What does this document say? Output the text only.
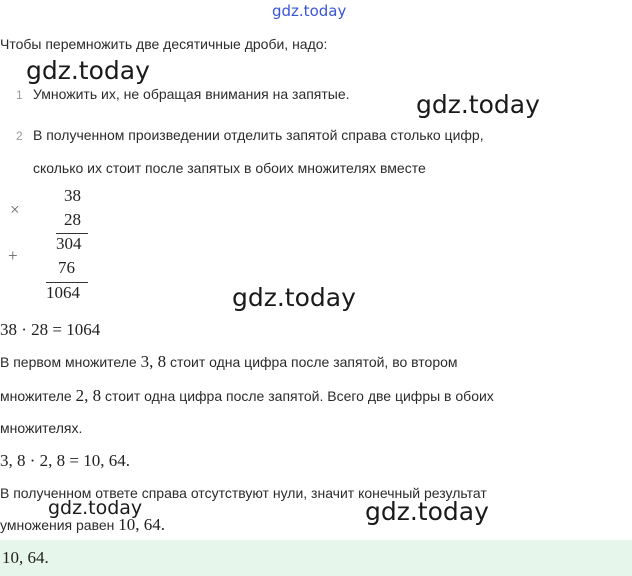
gdz.today
Чтобы перемножить две десятичные дроби, надо:
gdz.today
1 Умножить их, не обращая внимания на запятые.	gdz.today
2 В полученном произведении отделить запятой справа столько цифр,
сколько их стоит после запятых в обоих множителях вместе
×
38
28
304
+
76
1064	gdz.today
38 · 28 = 1064
В первом множителе 3, 8 стоит одна цифра после запятой, во втором
множителе 2, 8 стоит одна цифра после запятой. Всего две цифры в обоих
множителях.
3, 8 · 2, 8 = 10, 64.
В полученном ответе справа отсутствуют нули, значит конечный результат
умножения равен 10, 64.
gdz.today	gdz.today
10, 64.
